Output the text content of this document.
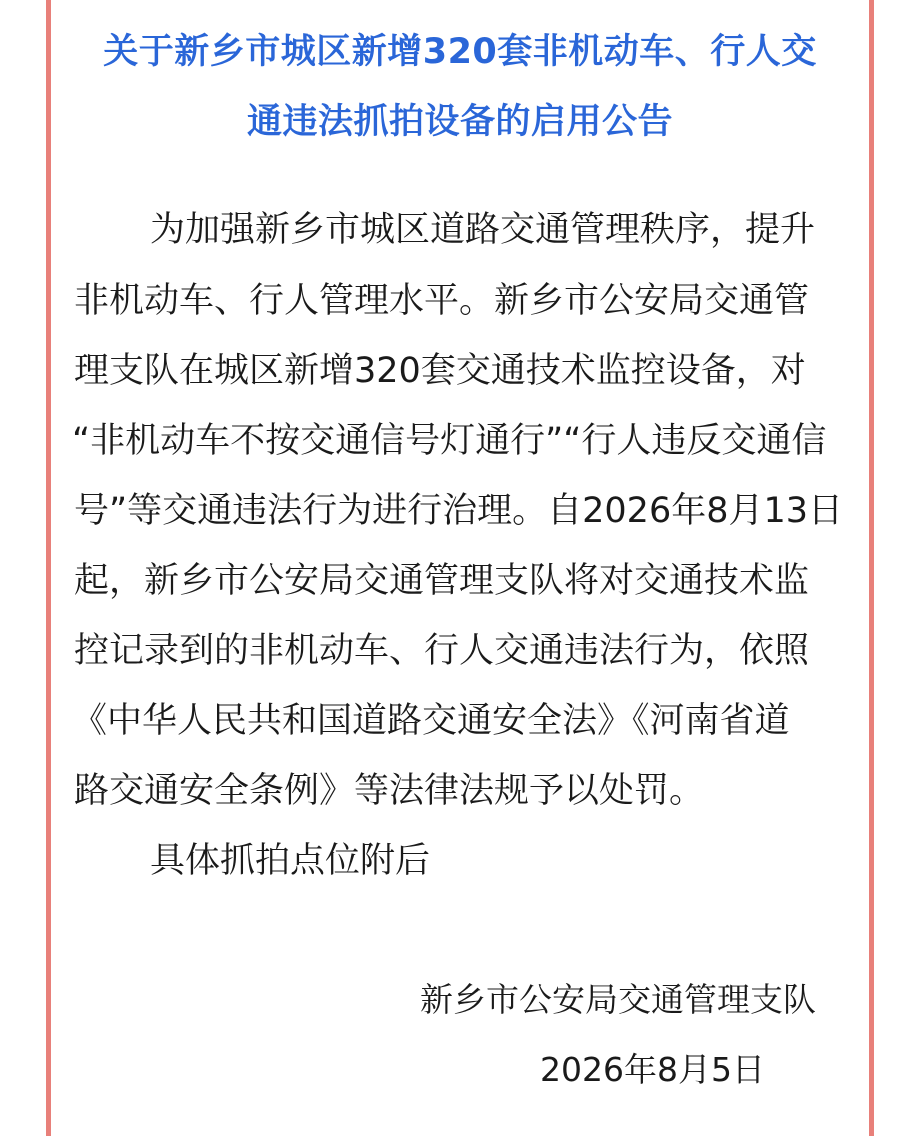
关于新乡市城区新增320套非机动车、行人交
通违法抓拍设备的启用公告
为加强新乡市城区道路交通管理秩序，提升
非机动车、行人管理水平。新乡市公安局交通管
理支队在城区新增320套交通技术监控设备，对
“非机动车不按交通信号灯通行”“行人违反交通信
号”等交通违法行为进行治理。自2026年8月13日
起，新乡市公安局交通管理支队将对交通技术监
控记录到的非机动车、行人交通违法行为，依照
《中华人民共和国道路交通安全法》《河南省道
路交通安全条例》等法律法规予以处罚。
具体抓拍点位附后
新乡市公安局交通管理支队
2026年8月5日
